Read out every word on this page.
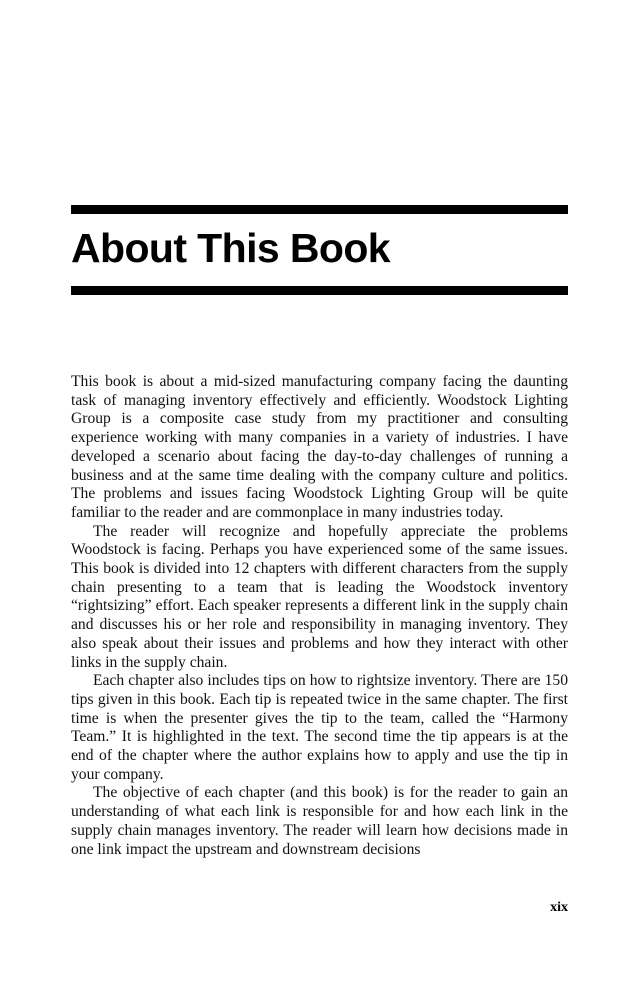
About This Book

This book is about a mid-sized manufacturing company facing the daunting task of managing inventory effectively and efficiently. Woodstock Lighting Group is a composite case study from my practitioner and consulting experience working with many companies in a variety of industries. I have developed a scenario about facing the day-to-day challenges of running a business and at the same time dealing with the company culture and politics. The problems and issues facing Woodstock Lighting Group will be quite familiar to the reader and are commonplace in many industries today.

The reader will recognize and hopefully appreciate the problems Woodstock is facing. Perhaps you have experienced some of the same issues. This book is divided into 12 chapters with different characters from the supply chain presenting to a team that is leading the Woodstock inventory “rightsizing” effort. Each speaker represents a different link in the supply chain and discusses his or her role and responsibility in managing inventory. They also speak about their issues and problems and how they interact with other links in the supply chain.

Each chapter also includes tips on how to rightsize inventory. There are 150 tips given in this book. Each tip is repeated twice in the same chapter. The first time is when the presenter gives the tip to the team, called the “Harmony Team.” It is highlighted in the text. The second time the tip appears is at the end of the chapter where the author explains how to apply and use the tip in your company.

The objective of each chapter (and this book) is for the reader to gain an understanding of what each link is responsible for and how each link in the supply chain manages inventory. The reader will learn how decisions made in one link impact the upstream and downstream decisions

xix
